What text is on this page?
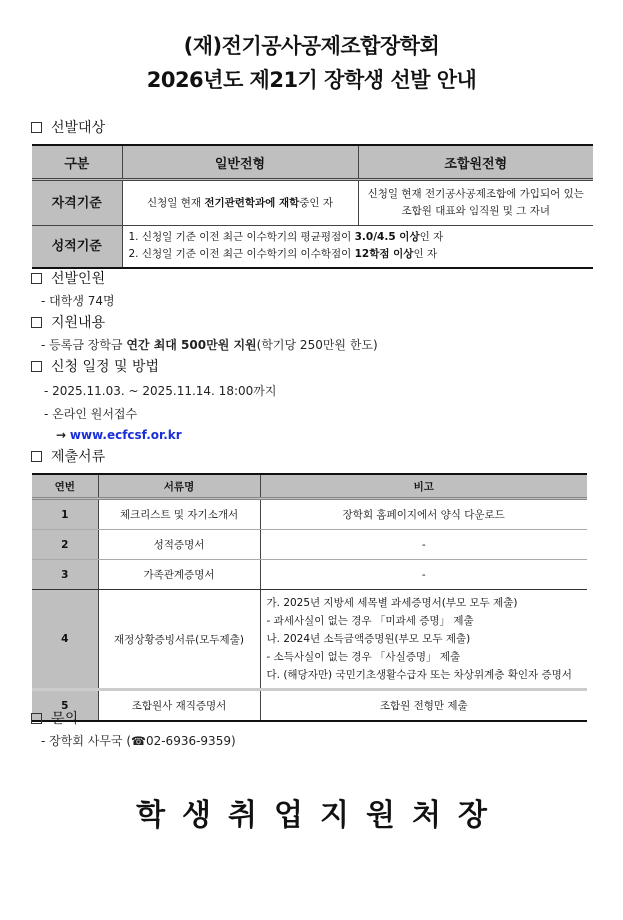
(재)전기공사공제조합장학회
2026년도 제21기 장학생 선발 안내
선발대상
구분	일반전형	조합원전형
자격기준	신청일 현재 전기관련학과에 재학중인 자	신청일 현재 전기공사공제조합에 가입되어 있는
조합원 대표와 임직원 및 그 자녀

성적기준	1. 신청일 기준 이전 최근 이수학기의 평균평점이 3.0/4.5 이상인 자
2. 신청일 기준 이전 최근 이수학기의 이수학점이 12학점 이상인 자	
선발인원
- 대학생 74명
지원내용
- 등록금 장학금 연간 최대 500만원 지원(학기당 250만원 한도)
신청 일정 및 방법
- 2025.11.03. ~ 2025.11.14. 18:00까지
- 온라인 원서접수
→ www.ecfcsf.or.kr
제출서류
연번	서류명	비고
1	체크리스트 및 자기소개서	장학회 홈페이지에서 양식 다운로드
2	성적증명서	-
3	가족관계증명서	-
4	재정상황증빙서류(모두제출)	가. 2025년 지방세 세목별 과세증명서(부모 모두 제출)
- 과세사실이 없는 경우 「미과세 증명」 제출
나. 2024년 소득금액증명원(부모 모두 제출)
- 소득사실이 없는 경우 「사실증명」 제출
다. (해당자만) 국민기초생활수급자 또는 차상위계층 확인자 증명서

5	조합원사 재직증명서	조합원 전형만 제출
문의
- 장학회 사무국 (☎02-6936-9359)
학생취업지원처장
